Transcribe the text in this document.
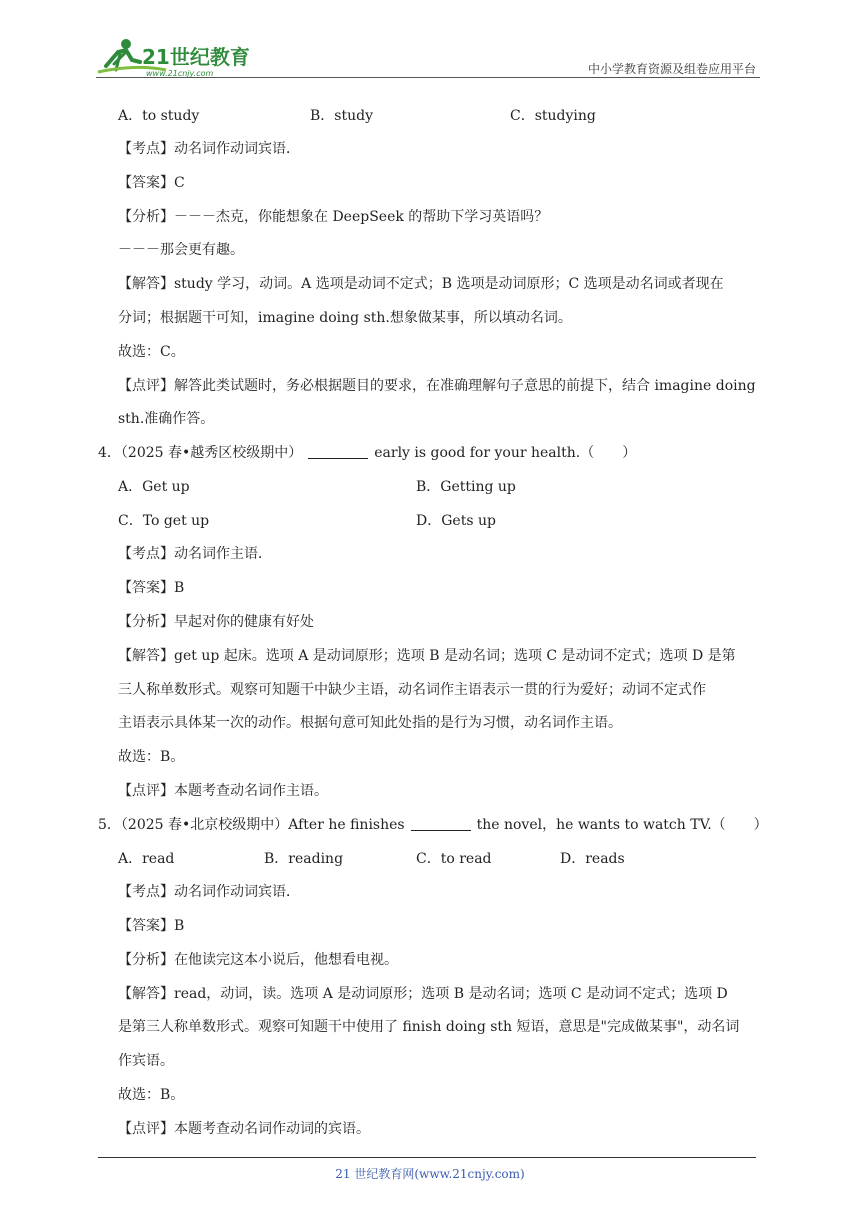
21世纪教育
www.21cnjy.com	中小学教育资源及组卷应用平台
A．to study	B．study	C．studying
【考点】动名词作动词宾语．
【答案】C
【分析】－－－杰克，你能想象在 DeepSeek 的帮助下学习英语吗？
－－－那会更有趣。
【解答】study 学习，动词。A 选项是动词不定式；B 选项是动词原形；C 选项是动名词或者现在
分词；根据题干可知，imagine doing sth.想象做某事，所以填动名词。
故选：C。
【点评】解答此类试题时，务必根据题目的要求，在准确理解句子意思的前提下，结合 imagine doing
sth.准确作答。
4．（2025 春•越秀区校级期中）	early is good for your health.（　　）
A．Get up	B．Getting up
C．To get up	D．Gets up
【考点】动名词作主语．
【答案】B
【分析】早起对你的健康有好处
【解答】get up 起床。选项 A 是动词原形；选项 B 是动名词；选项 C 是动词不定式；选项 D 是第
三人称单数形式。观察可知题干中缺少主语，动名词作主语表示一贯的行为爱好；动词不定式作
主语表示具体某一次的动作。根据句意可知此处指的是行为习惯，动名词作主语。
故选：B。
【点评】本题考查动名词作主语。
5．（2025 春•北京校级期中）After he finishes	the novel，he wants to watch TV.（　　）
A．read	B．reading	C．to read	D．reads
【考点】动名词作动词宾语．
【答案】B
【分析】在他读完这本小说后，他想看电视。
【解答】read，动词，读。选项 A 是动词原形；选项 B 是动名词；选项 C 是动词不定式；选项 D
是第三人称单数形式。观察可知题干中使用了 finish doing sth 短语，意思是"完成做某事"，动名词
作宾语。
故选：B。
【点评】本题考查动名词作动词的宾语。
21 世纪教育网(www.21cnjy.com)
